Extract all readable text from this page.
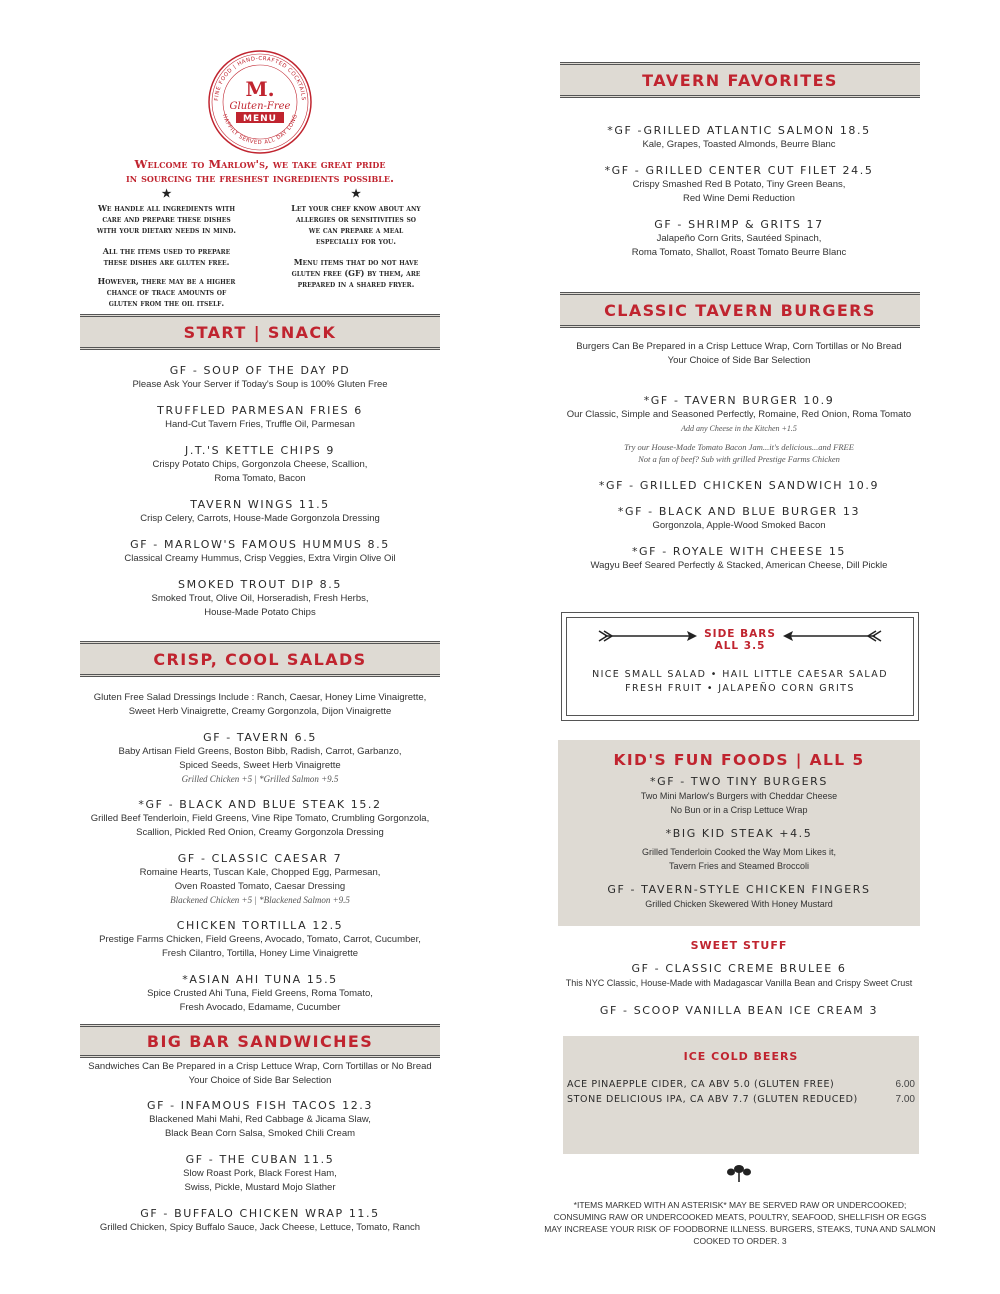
FINE FOOD | HAND-CRAFTED COCKTAILS
HAPPILY SERVED ALL DAY LONG
M.
Gluten-Free
MENU
Welcome to Marlow's, we take great pride
in sourcing the freshest ingredients possible.
★

We handle all ingredients with
care and prepare these dishes
with your dietary needs in mind.

All the items used to prepare
these dishes are gluten free.

However, there may be a higher
chance of trace amounts of
gluten from the oil itself.

★

Let your chef know about any
allergies or sensitivities so
we can prepare a meal
especially for you.

Menu items that do not have
gluten free (GF) by them, are
prepared in a shared fryer.

START | SNACK
GF - SOUP OF THE DAY PD
Please Ask Your Server if Today's Soup is 100% Gluten Free
TRUFFLED PARMESAN FRIES 6
Hand-Cut Tavern Fries, Truffle Oil, Parmesan
J.T.'S KETTLE CHIPS 9
Crispy Potato Chips, Gorgonzola Cheese, Scallion,
Roma Tomato, Bacon
TAVERN WINGS 11.5
Crisp Celery, Carrots, House-Made Gorgonzola Dressing
GF - MARLOW'S FAMOUS HUMMUS 8.5
Classical Creamy Hummus, Crisp Veggies, Extra Virgin Olive Oil
SMOKED TROUT DIP 8.5
Smoked Trout, Olive Oil, Horseradish, Fresh Herbs,
House-Made Potato Chips
CRISP, COOL SALADS
Gluten Free Salad Dressings Include : Ranch, Caesar, Honey Lime Vinaigrette,
Sweet Herb Vinaigrette, Creamy Gorgonzola, Dijon Vinaigrette
GF - TAVERN 6.5
Baby Artisan Field Greens, Boston Bibb, Radish, Carrot, Garbanzo,
Spiced Seeds, Sweet Herb Vinaigrette
Grilled Chicken +5 | *Grilled Salmon +9.5
*GF - BLACK AND BLUE STEAK 15.2
Grilled Beef Tenderloin, Field Greens, Vine Ripe Tomato, Crumbling Gorgonzola,
Scallion, Pickled Red Onion, Creamy Gorgonzola Dressing
GF - CLASSIC CAESAR 7
Romaine Hearts, Tuscan Kale, Chopped Egg, Parmesan,
Oven Roasted Tomato, Caesar Dressing
Blackened Chicken +5 | *Blackened Salmon +9.5
CHICKEN TORTILLA 12.5
Prestige Farms Chicken, Field Greens, Avocado, Tomato, Carrot, Cucumber,
Fresh Cilantro, Tortilla, Honey Lime Vinaigrette
*ASIAN AHI TUNA 15.5
Spice Crusted Ahi Tuna, Field Greens, Roma Tomato,
Fresh Avocado, Edamame, Cucumber
BIG BAR SANDWICHES
Sandwiches Can Be Prepared in a Crisp Lettuce Wrap, Corn Tortillas or No Bread
Your Choice of Side Bar Selection
GF - INFAMOUS FISH TACOS 12.3
Blackened Mahi Mahi, Red Cabbage & Jicama Slaw,
Black Bean Corn Salsa, Smoked Chili Cream
GF - THE CUBAN 11.5
Slow Roast Pork, Black Forest Ham,
Swiss, Pickle, Mustard Mojo Slather
GF - BUFFALO CHICKEN WRAP 11.5
Grilled Chicken, Spicy Buffalo Sauce, Jack Cheese, Lettuce, Tomato, Ranch
TAVERN FAVORITES
*GF -GRILLED ATLANTIC SALMON 18.5
Kale, Grapes, Toasted Almonds, Beurre Blanc
*GF - GRILLED CENTER CUT FILET 24.5
Crispy Smashed Red B Potato, Tiny Green Beans,
Red Wine Demi Reduction
GF - SHRIMP & GRITS 17
Jalapeño Corn Grits, Sautéed Spinach,
Roma Tomato, Shallot, Roast Tomato Beurre Blanc
CLASSIC TAVERN BURGERS
Burgers Can Be Prepared in a Crisp Lettuce Wrap, Corn Tortillas or No Bread
Your Choice of Side Bar Selection
*GF - TAVERN BURGER 10.9
Our Classic, Simple and Seasoned Perfectly, Romaine, Red Onion, Roma Tomato
Add any Cheese in the Kitchen +1.5
Try our House-Made Tomato Bacon Jam...it's delicious...and FREE
Not a fan of beef? Sub with grilled Prestige Farms Chicken
*GF - GRILLED CHICKEN SANDWICH 10.9
*GF - BLACK AND BLUE BURGER 13
Gorgonzola, Apple-Wood Smoked Bacon
*GF - ROYALE WITH CHEESE 15
Wagyu Beef Seared Perfectly & Stacked, American Cheese, Dill Pickle
SIDE BARS
ALL 3.5
NICE SMALL SALAD • HAIL LITTLE CAESAR SALAD
FRESH FRUIT • JALAPEÑO CORN GRITS
KID'S FUN FOODS | ALL 5
*GF - TWO TINY BURGERS
Two Mini Marlow's Burgers with Cheddar Cheese
No Bun or in a Crisp Lettuce Wrap
*BIG KID STEAK +4.5
Grilled Tenderloin Cooked the Way Mom Likes it,
Tavern Fries and Steamed Broccoli
GF - TAVERN-STYLE CHICKEN FINGERS
Grilled Chicken Skewered With Honey Mustard
SWEET STUFF
GF - CLASSIC CREME BRULEE 6
This NYC Classic, House-Made with Madagascar Vanilla Bean and Crispy Sweet Crust
GF - SCOOP VANILLA BEAN ICE CREAM 3
ICE COLD BEERS
ACE PINAEPPLE CIDER, CA ABV 5.0 (GLUTEN FREE)	6.00
STONE DELICIOUS IPA, CA ABV 7.7 (GLUTEN REDUCED)	7.00
*ITEMS MARKED WITH AN ASTERISK* MAY BE SERVED RAW OR UNDERCOOKED;
CONSUMING RAW OR UNDERCOOKED MEATS, POULTRY, SEAFOOD, SHELLFISH OR EGGS
MAY INCREASE YOUR RISK OF FOODBORNE ILLNESS. BURGERS, STEAKS, TUNA AND SALMON
COOKED TO ORDER. 3
